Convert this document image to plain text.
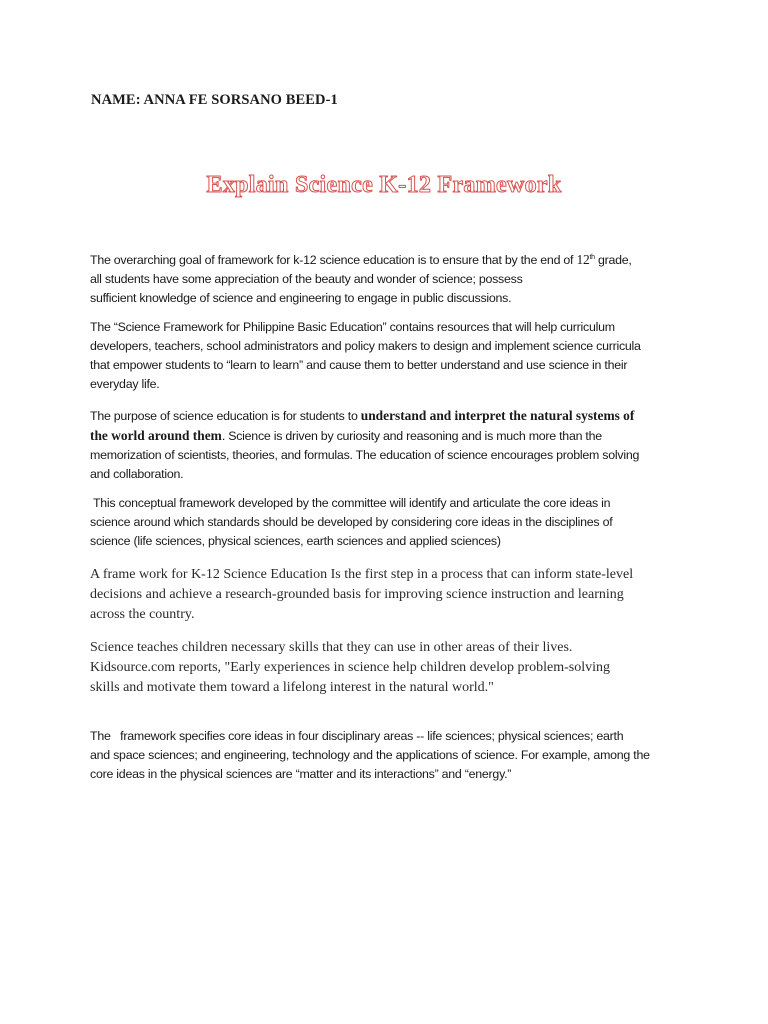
NAME: ANNA FE SORSANO BEED-1
Explain Science K-12 Framework

The overarching goal of framework for k-12 science education is to ensure that by the end of 12th grade,
all students have some appreciation of the beauty and wonder of science; possess
sufficient knowledge of science and engineering to engage in public discussions.

The “Science Framework for Philippine Basic Education” contains resources that will help curriculum
developers, teachers, school administrators and policy makers to design and implement science curricula
that empower students to “learn to learn” and cause them to better understand and use science in their
everyday life.

The purpose of science education is for students to understand and interpret the natural systems of
the world around them. Science is driven by curiosity and reasoning and is much more than the
memorization of scientists, theories, and formulas. The education of science encourages problem solving
and collaboration.

This conceptual framework developed by the committee will identify and articulate the core ideas in
science around which standards should be developed by considering core ideas in the disciplines of
science (life sciences, physical sciences, earth sciences and applied sciences)

A frame work for K-12 Science Education Is the first step in a process that can inform state-level
decisions and achieve a research-grounded basis for improving science instruction and learning
across the country.

Science teaches children necessary skills that they can use in other areas of their lives.
Kidsource.com reports, "Early experiences in science help children develop problem-solving
skills and motivate them toward a lifelong interest in the natural world."

The   framework specifies core ideas in four disciplinary areas -- life sciences; physical sciences; earth
and space sciences; and engineering, technology and the applications of science. For example, among the
core ideas in the physical sciences are “matter and its interactions” and “energy.”
